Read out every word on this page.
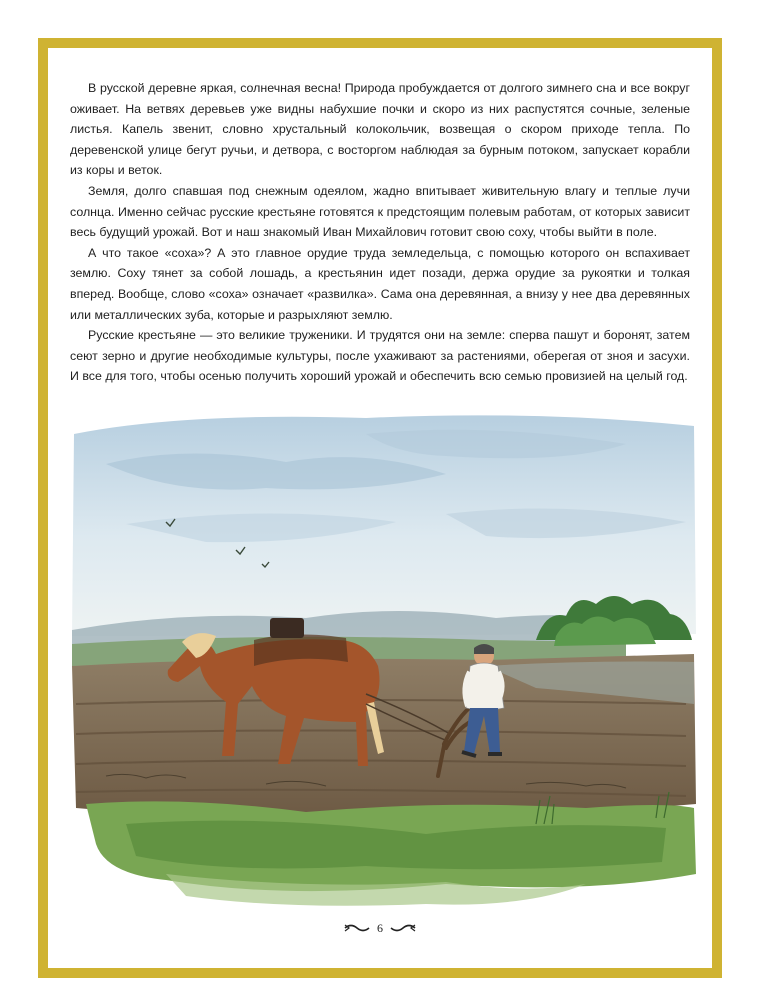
В русской деревне яркая, солнечная весна! Природа пробуждается от долгого зимнего сна и все вокруг оживает. На ветвях деревьев уже видны набухшие почки и скоро из них распустятся сочные, зеленые листья. Капель звенит, словно хрустальный колокольчик, возвещая о скором приходе тепла. По деревенской улице бегут ручьи, и детвора, с восторгом наблюдая за бурным потоком, запускает корабли из коры и веток.

Земля, долго спавшая под снежным одеялом, жадно впитывает живительную влагу и теплые лучи солнца. Именно сейчас русские крестьяне готовятся к предстоящим полевым работам, от которых зависит весь будущий урожай. Вот и наш знакомый Иван Михайлович готовит свою соху, чтобы выйти в поле.

А что такое «соха»? А это главное орудие труда земледельца, с помощью которого он вспахивает землю. Соху тянет за собой лошадь, а крестьянин идет позади, держа орудие за рукоятки и толкая вперед. Вообще, слово «соха» означает «развилка». Сама она деревянная, а внизу у нее два деревянных или металлических зуба, которые и разрыхляют землю.

Русские крестьяне — это великие труженики. И трудятся они на земле: сперва пашут и боронят, затем сеют зерно и другие необходимые культуры, после ухаживают за растениями, оберегая от зноя и засухи. И все для того, чтобы осенью получить хороший урожай и обеспечить всю семью провизией на целый год.

6
